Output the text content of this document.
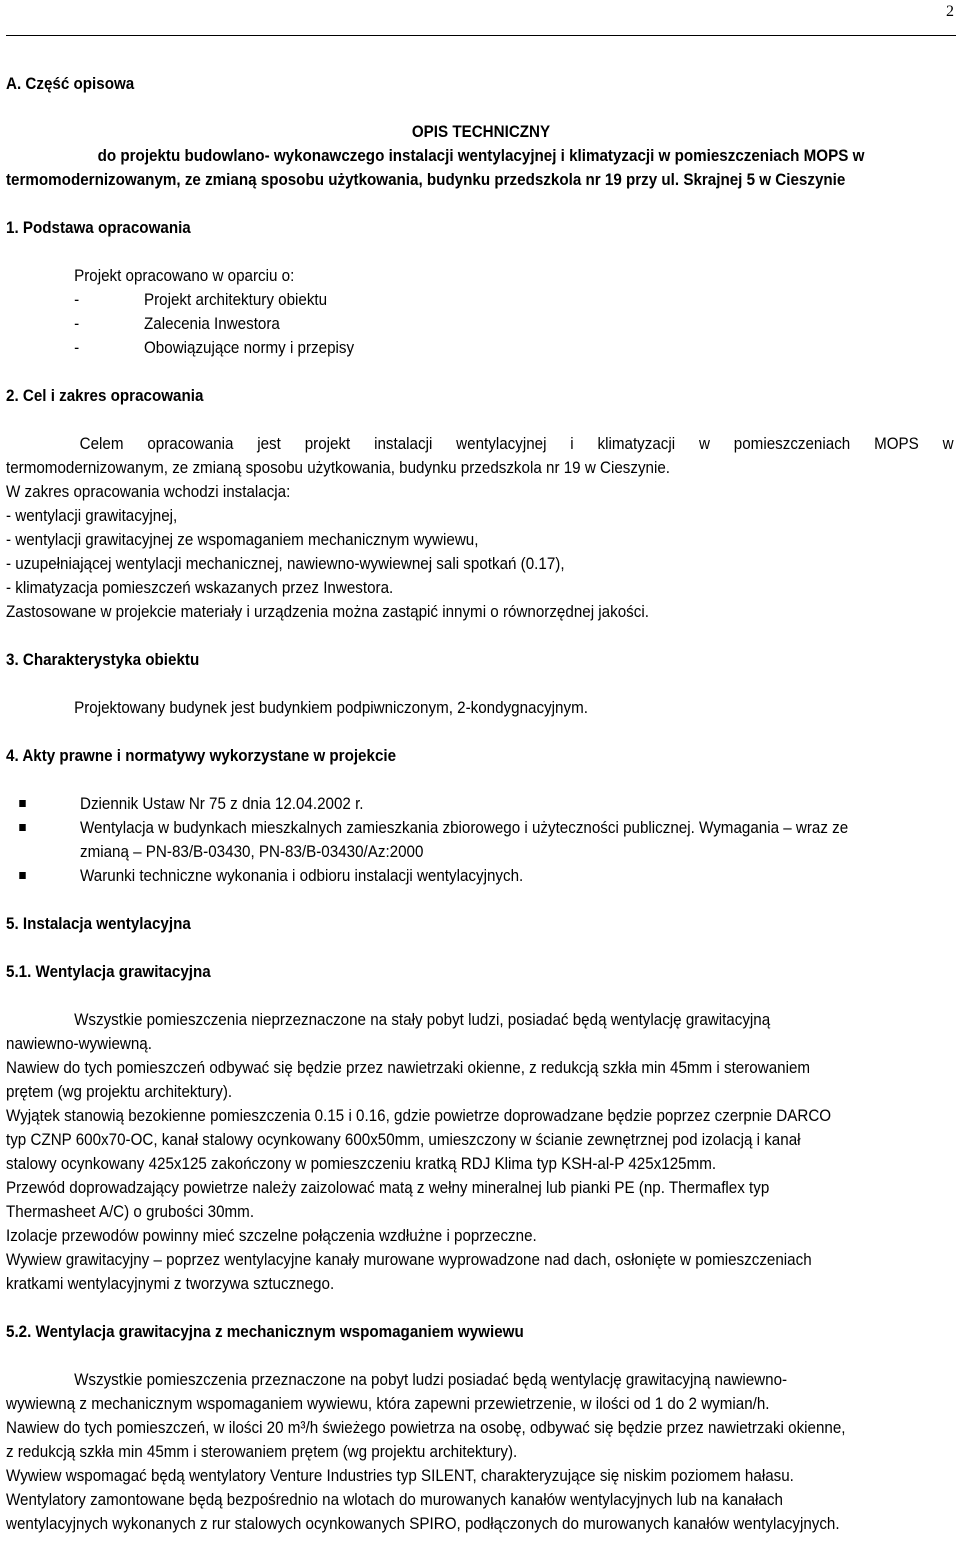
2
A. Część opisowa
OPIS TECHNICZNY
do projektu budowlano- wykonawczego instalacji wentylacyjnej i klimatyzacji w pomieszczeniach MOPS w
termomodernizowanym, ze zmianą sposobu użytkowania, budynku przedszkola nr 19 przy ul. Skrajnej 5 w Cieszynie
1. Podstawa opracowania
Projekt opracowano w oparciu o:
-	Projekt architektury obiektu
-	Zalecenia Inwestora
-	Obowiązujące normy i przepisy
2. Cel i zakres opracowania
Celem opracowania jest projekt instalacji wentylacyjnej i klimatyzacji w pomieszczeniach MOPS w
termomodernizowanym, ze zmianą sposobu użytkowania, budynku przedszkola nr 19 w Cieszynie.
W zakres opracowania wchodzi instalacja:
- wentylacji grawitacyjnej,
- wentylacji grawitacyjnej ze wspomaganiem mechanicznym wywiewu,
- uzupełniającej wentylacji mechanicznej, nawiewno-wywiewnej sali spotkań (0.17),
- klimatyzacja pomieszczeń wskazanych przez Inwestora.
Zastosowane w projekcie materiały i urządzenia można zastąpić innymi o równorzędnej jakości.
3. Charakterystyka obiektu
Projektowany budynek jest budynkiem podpiwniczonym, 2-kondygnacyjnym.
4. Akty prawne i normatywy wykorzystane w projekcie
Dziennik Ustaw Nr 75 z dnia 12.04.2002 r.
Wentylacja w budynkach mieszkalnych zamieszkania zbiorowego i użyteczności publicznej. Wymagania – wraz ze
zmianą – PN-83/B-03430, PN-83/B-03430/Az:2000
Warunki techniczne wykonania i odbioru instalacji wentylacyjnych.
5. Instalacja wentylacyjna
5.1. Wentylacja grawitacyjna
Wszystkie pomieszczenia nieprzeznaczone na stały pobyt ludzi, posiadać będą wentylację grawitacyjną
nawiewno-wywiewną.
Nawiew do tych pomieszczeń odbywać się będzie przez nawietrzaki okienne, z redukcją szkła min 45mm i sterowaniem
prętem (wg projektu architektury).
Wyjątek stanowią bezokienne pomieszczenia 0.15 i 0.16, gdzie powietrze doprowadzane będzie poprzez czerpnie DARCO
typ CZNP 600x70-OC, kanał stalowy ocynkowany 600x50mm, umieszczony w ścianie zewnętrznej pod izolacją i kanał
stalowy ocynkowany 425x125 zakończony w pomieszczeniu kratką RDJ Klima typ KSH-al-P 425x125mm.
Przewód doprowadzający powietrze należy zaizolować matą z wełny mineralnej lub pianki PE (np. Thermaflex typ
Thermasheet A/C) o grubości 30mm.
Izolacje przewodów powinny mieć szczelne połączenia wzdłużne i poprzeczne.
Wywiew grawitacyjny – poprzez wentylacyjne kanały murowane wyprowadzone nad dach, osłonięte w pomieszczeniach
kratkami wentylacyjnymi z tworzywa sztucznego.
5.2. Wentylacja grawitacyjna z mechanicznym wspomaganiem wywiewu
Wszystkie pomieszczenia przeznaczone na pobyt ludzi posiadać będą wentylację grawitacyjną nawiewno-
wywiewną z mechanicznym wspomaganiem wywiewu, która zapewni przewietrzenie, w ilości od 1 do 2 wymian/h.
Nawiew do tych pomieszczeń, w ilości 20 m³/h świeżego powietrza na osobę, odbywać się będzie przez nawietrzaki okienne,
z redukcją szkła min 45mm i sterowaniem prętem (wg projektu architektury).
Wywiew wspomagać będą wentylatory Venture Industries typ SILENT, charakteryzujące się niskim poziomem hałasu.
Wentylatory zamontowane będą bezpośrednio na wlotach do murowanych kanałów wentylacyjnych lub na kanałach
wentylacyjnych wykonanych z rur stalowych ocynkowanych SPIRO, podłączonych do murowanych kanałów wentylacyjnych.
